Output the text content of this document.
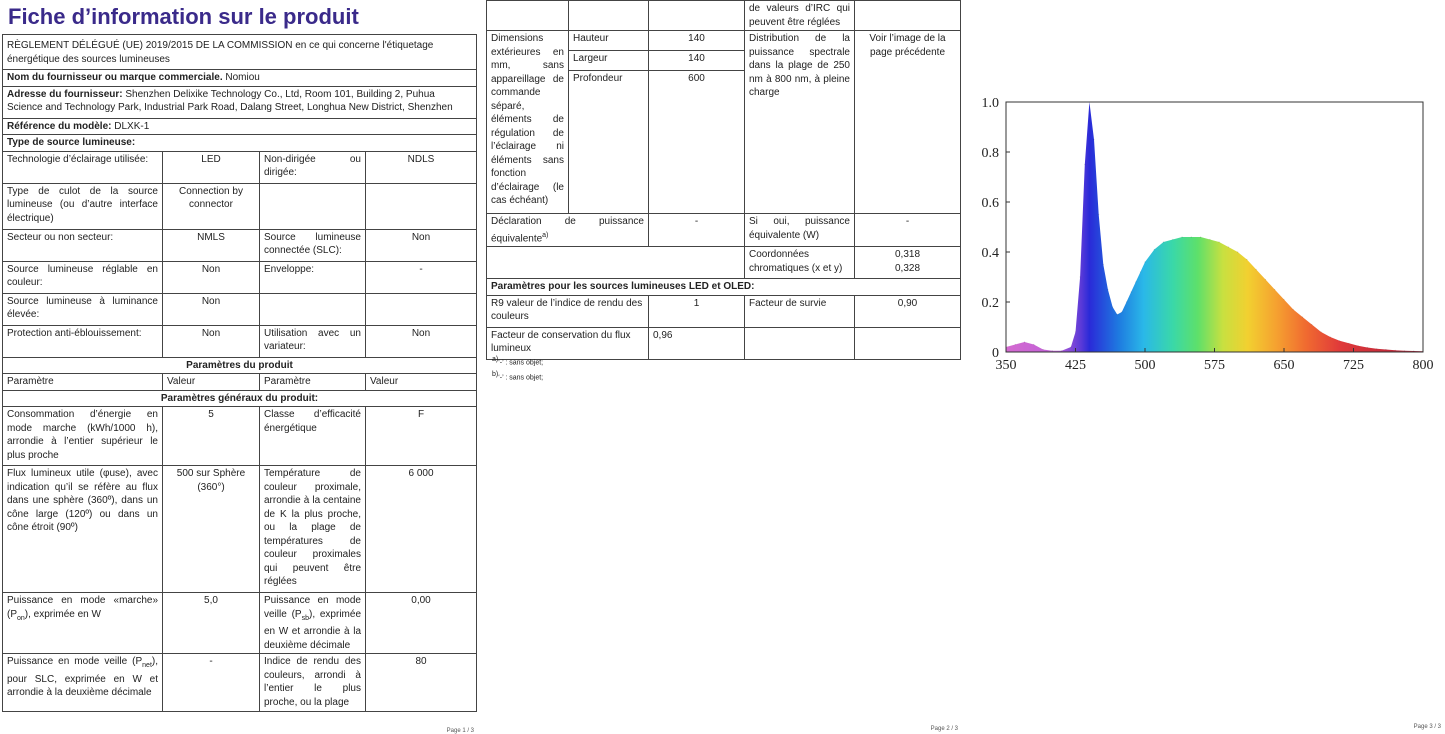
Fiche d’information sur le produit
RÈGLEMENT DÉLÉGUÉ (UE) 2019/2015 DE LA COMMISSION en ce qui concerne l'étiquetage énergétique des sources lumineuses			
Nom du fournisseur ou marque commerciale. Nomiou			
Adresse du fournisseur: Shenzhen Delixike Technology Co., Ltd, Room 101, Building 2, Puhua Science and Technology Park, Industrial Park Road, Dalang Street, Longhua New District, Shenzhen			
Référence du modèle: DLXK-1			
Type de source lumineuse:			
Technologie d’éclairage utilisée:	LED	Non-dirigée ou dirigée:	NDLS
Type de culot de la source lumineuse (ou d’autre interface électrique)	Connection by connector		
Secteur ou non secteur:	NMLS	Source lumineuse connectée (SLC):	Non
Source lumineuse réglable en couleur:	Non	Enveloppe:	-
Source lumineuse à luminance élevée:	Non		
Protection anti-éblouissement:	Non	Utilisation avec un variateur:	Non
Paramètres du produit			
Paramètre	Valeur	Paramètre	Valeur
Paramètres généraux du produit:			
Consommation d’énergie en mode marche (kWh/1000 h), arrondie à l’entier supérieur le plus proche	5	Classe d’efficacité énergétique	F
Flux lumineux utile (φuse), avec indication qu’il se réfère au flux dans une sphère (360º), dans un cône large (120º) ou dans un cône étroit (90º)	500 sur Sphère (360°)	Température de couleur proximale, arrondie à la centaine de K la plus proche, ou la plage de températures de couleur proximales qui peuvent être réglées	6 000
Puissance en mode «marche» $(P_{on})$, exprimée en W	5,0	Puissance en mode veille $(P_{sb})$, exprimée en W et arrondie à la deuxième décimale	0,00
Puissance en mode veille $(P_{net})$, pour SLC, exprimée en W et arrondie à la deuxième décimale	-	Indice de rendu des couleurs, arrondi à l’entier le plus proche, ou la plage	80
Page 1 / 3
			de valeurs d’IRC qui peuvent être réglées	
Dimensions extérieures en mm, sans appareillage de commande séparé, éléments de régulation de l’éclairage ni éléments sans fonction d’éclairage (le cas échéant)	Hauteur	140	Distribution de la puissance spectrale dans la plage de 250 nm à 800 nm, à pleine charge	Voir l’image de la page précédente
	Largeur	140		
	Profondeur	600		
Déclaration de puissance équivalente$^{a)}$		-	Si oui, puissance équivalente (W)	-
			Coordonnées chromatiques (x et y)	0,318
0,328

Paramètres pour les sources lumineuses LED et OLED:				
R9 valeur de l’indice de rendu des couleurs		1	Facteur de survie	0,90
Facteur de conservation du flux lumineux		0,96		
$^{a)}$‘-’ : sans objet;
$^{b)}$‘-’ : sans objet;
Page 2 / 3
350	425	500	575	650	725	800
0
0.2
0.4
0.6
0.8
1.0
Page 3 / 3
